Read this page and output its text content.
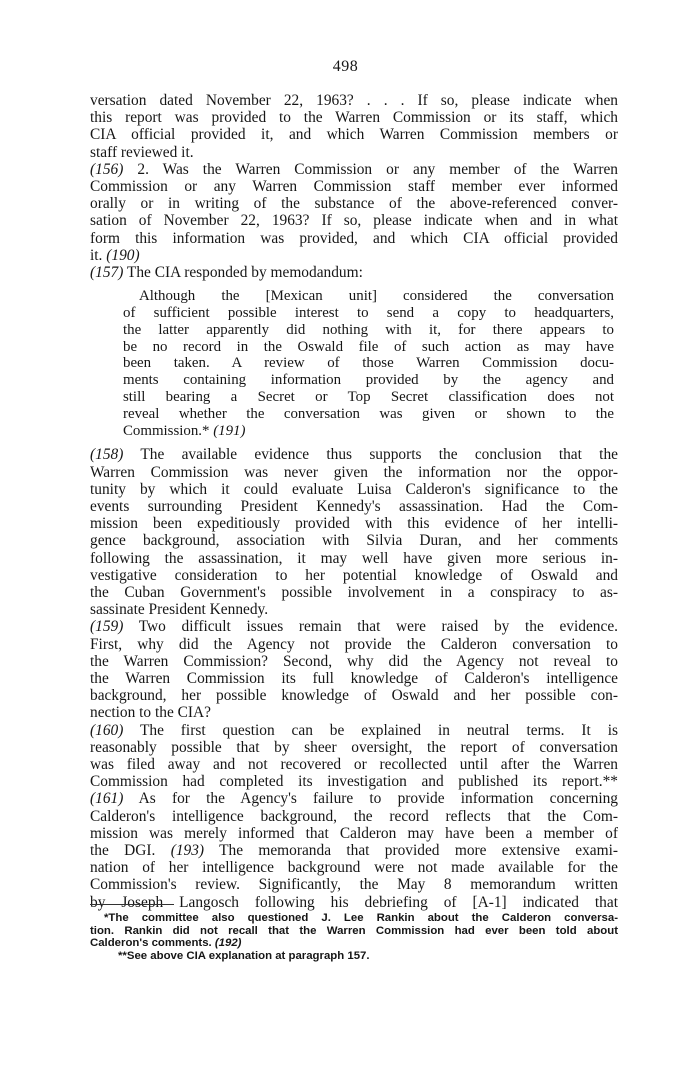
498
versation dated November 22, 1963? . . . If so, please indicate when
this report was provided to the Warren Commission or its staff, which
CIA official provided it, and which Warren Commission members or
staff reviewed it.
(156) 2. Was the Warren Commission or any member of the Warren
Commission or any Warren Commission staff member ever informed
orally or in writing of the substance of the above-referenced conver-
sation of November 22, 1963? If so, please indicate when and in what
form this information was provided, and which CIA official provided
it. (190)
(157) The CIA responded by memodandum:
Although the [Mexican unit] considered the conversation
of sufficient possible interest to send a copy to headquarters,
the latter apparently did nothing with it, for there appears to
be no record in the Oswald file of such action as may have
been taken. A review of those Warren Commission docu-
ments containing information provided by the agency and
still bearing a Secret or Top Secret classification does not
reveal whether the conversation was given or shown to the
Commission.* (191)
(158) The available evidence thus supports the conclusion that the
Warren Commission was never given the information nor the oppor-
tunity by which it could evaluate Luisa Calderon's significance to the
events surrounding President Kennedy's assassination. Had the Com-
mission been expeditiously provided with this evidence of her intelli-
gence background, association with Silvia Duran, and her comments
following the assassination, it may well have given more serious in-
vestigative consideration to her potential knowledge of Oswald and
the Cuban Government's possible involvement in a conspiracy to as-
sassinate President Kennedy.
(159) Two difficult issues remain that were raised by the evidence.
First, why did the Agency not provide the Calderon conversation to
the Warren Commission? Second, why did the Agency not reveal to
the Warren Commission its full knowledge of Calderon's intelligence
background, her possible knowledge of Oswald and her possible con-
nection to the CIA?
(160) The first question can be explained in neutral terms. It is
reasonably possible that by sheer oversight, the report of conversation
was filed away and not recovered or recollected until after the Warren
Commission had completed its investigation and published its report.**
(161) As for the Agency's failure to provide information concerning
Calderon's intelligence background, the record reflects that the Com-
mission was merely informed that Calderon may have been a member of
the DGI. (193) The memoranda that provided more extensive exami-
nation of her intelligence background were not made available for the
Commission's review. Significantly, the May 8 memorandum written
by Joseph Langosch following his debriefing of [A-1] indicated that
*The committee also questioned J. Lee Rankin about the Calderon conversa-
tion. Rankin did not recall that the Warren Commission had ever been told about
Calderon's comments. (192)
**See above CIA explanation at paragraph 157.
